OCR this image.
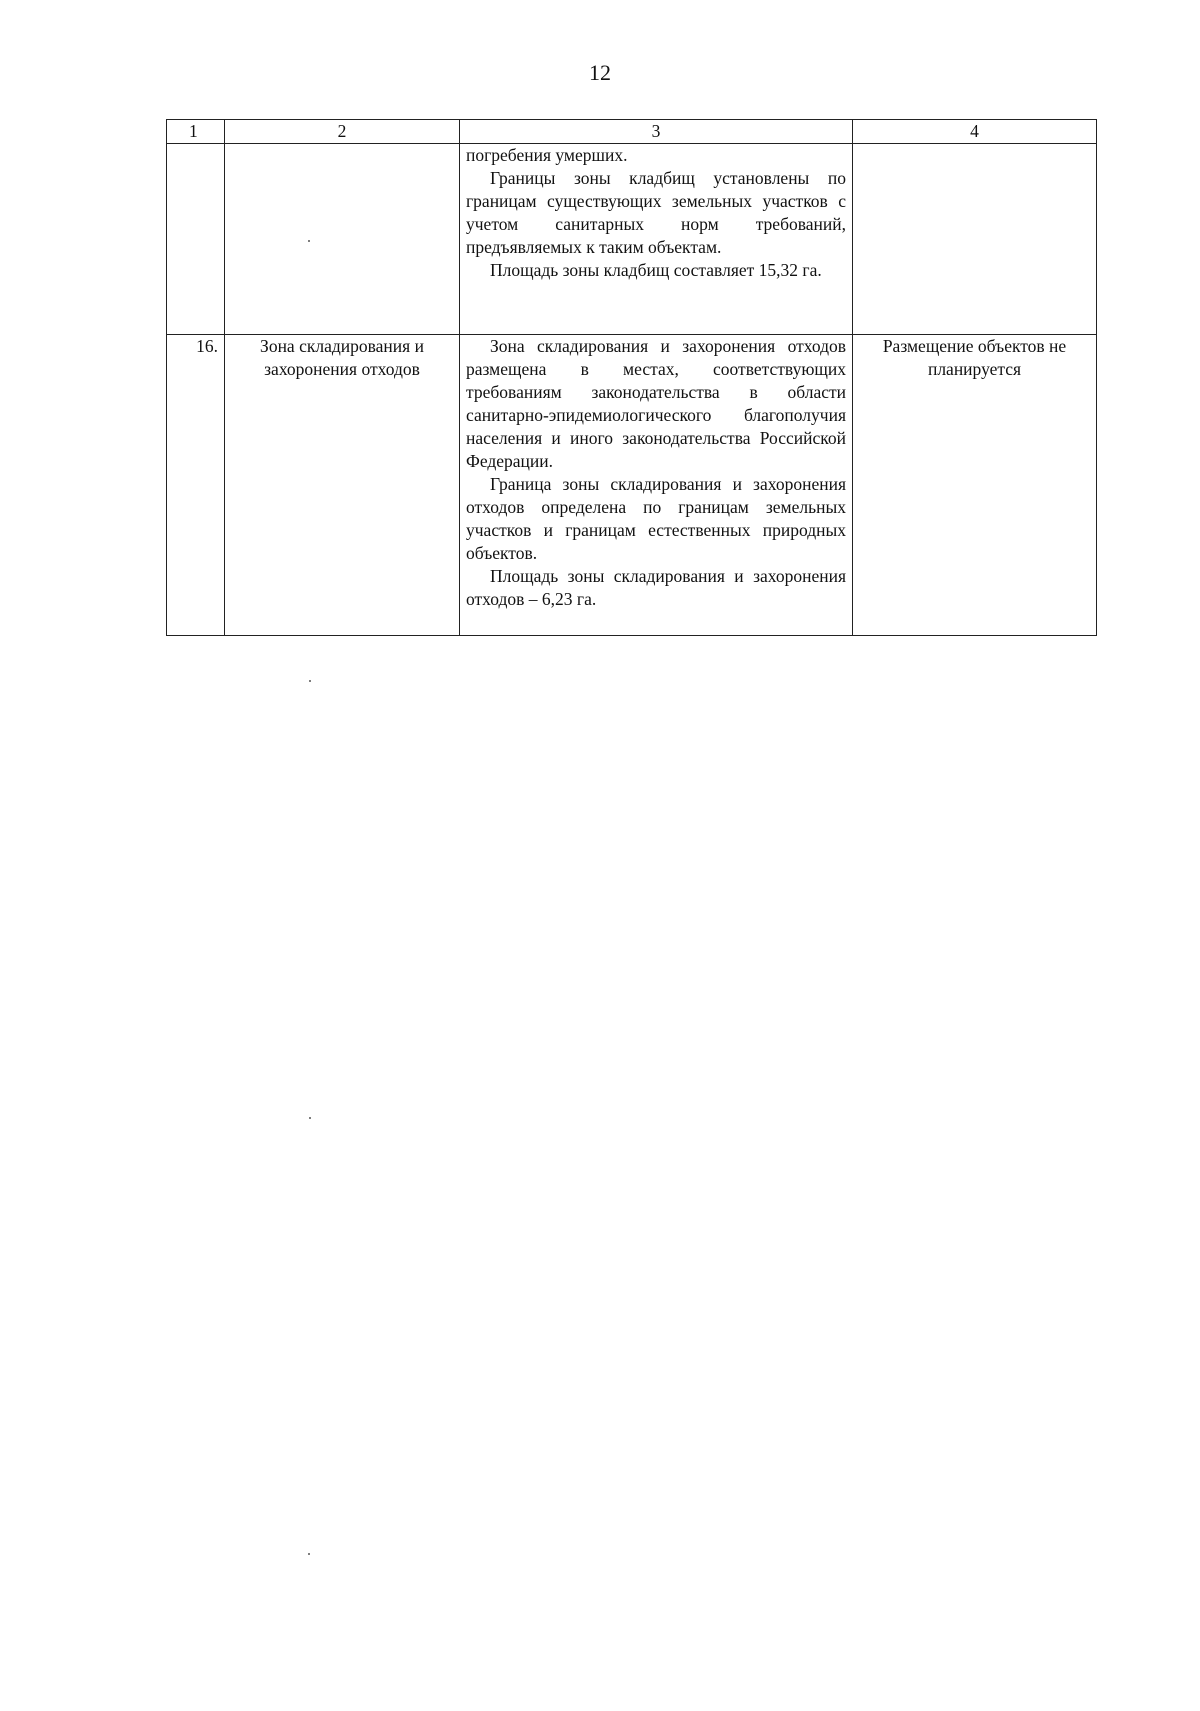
12
1	2	3	4

		погребения умерших.

Границы зоны кладбищ установлены по границам существующих земельных участков с учетом санитарных норм требований, предъявляемых к таким объектам.

Площадь зоны кладбищ составляет 15,32 га.	

16.	Зона складирования и захоронения отходов	Зона складирования и захоронения отходов размещена в местах, соответствующих требованиям законодательства в области санитарно-эпидемиологического благополучия населения и иного законодательства Российской Федерации.

Граница зоны складирования и захоронения отходов определена по границам земельных участков и границам естественных природных объектов.

Площадь зоны складирования и захоронения отходов – 6,23 га.	Размещение объектов не планируется
